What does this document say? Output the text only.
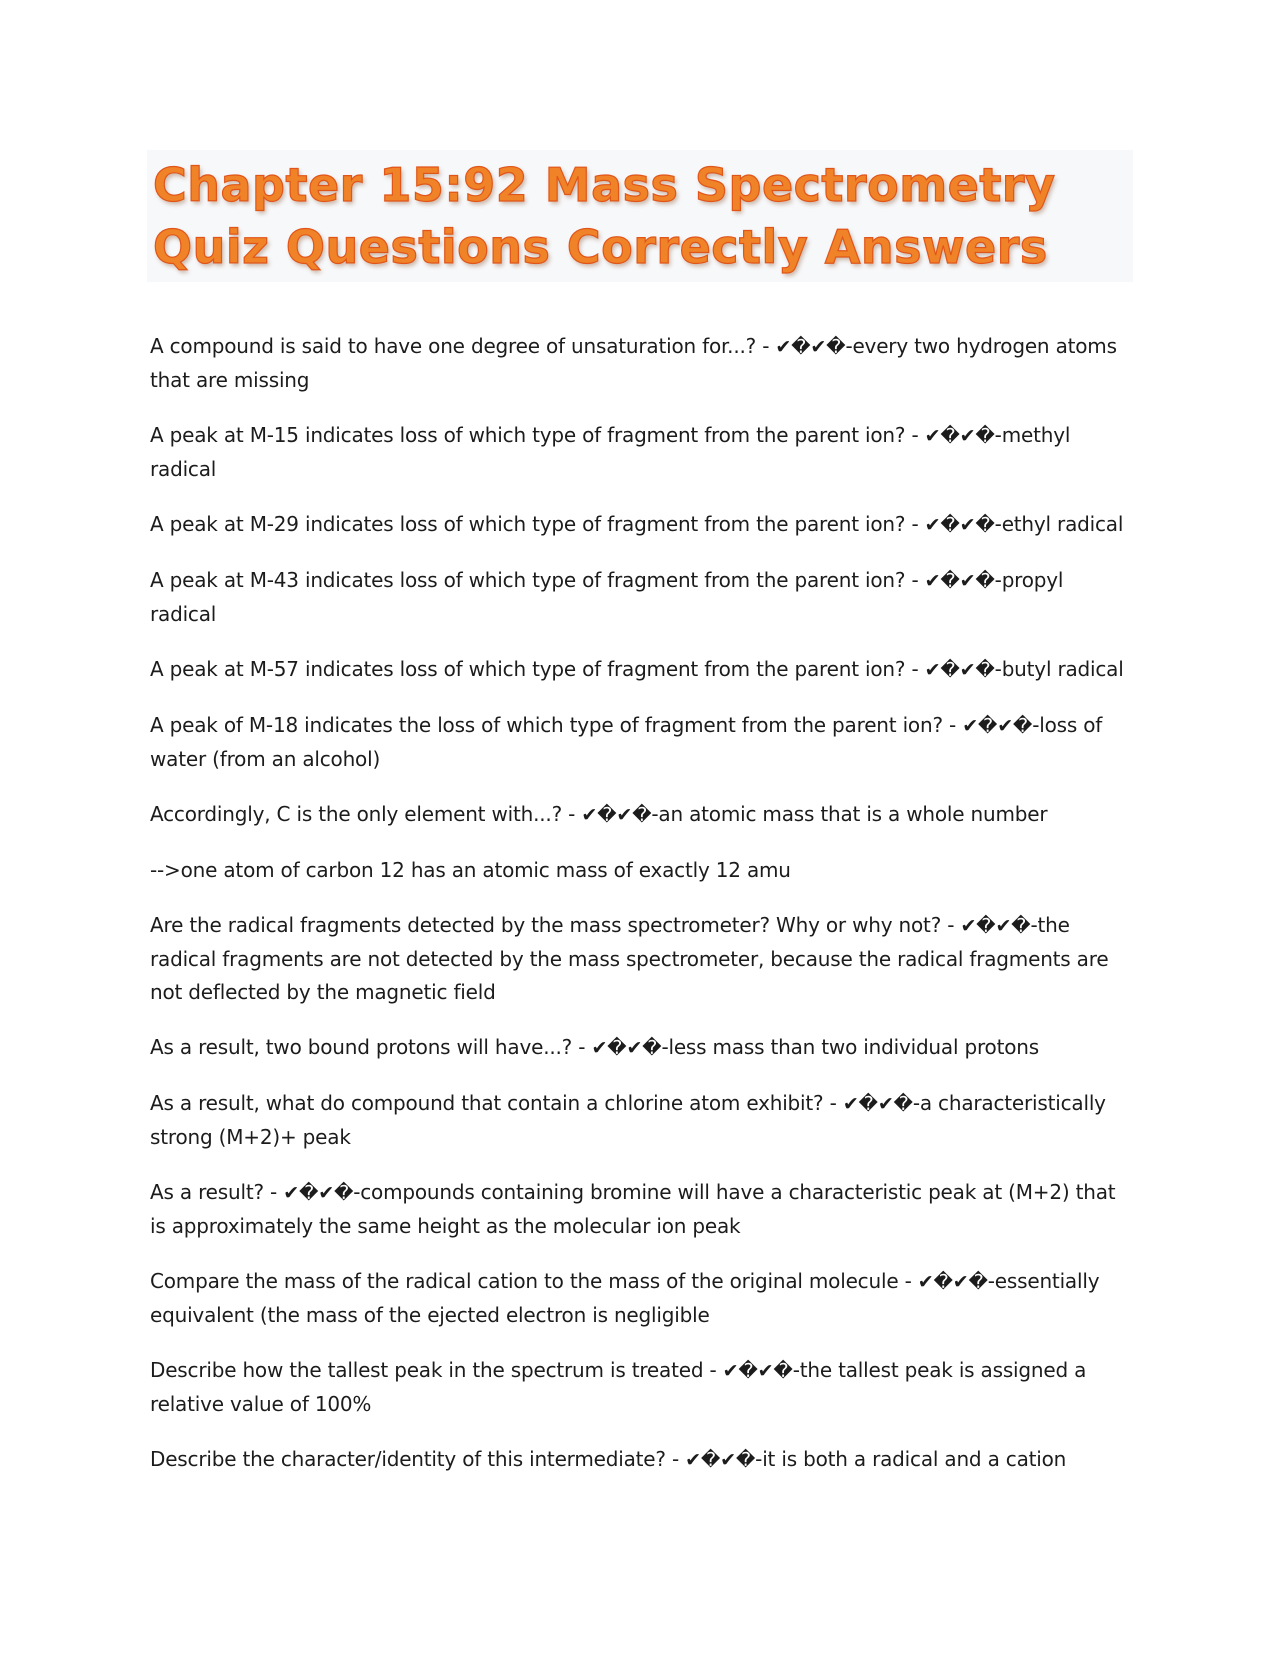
Chapter 15:92 Mass Spectrometry Quiz Questions Correctly Answers

A compound is said to have one degree of unsaturation for...? - ✔�✔�-every two hydrogen atoms that are missing

A peak at M-15 indicates loss of which type of fragment from the parent ion? - ✔�✔�-methyl radical

A peak at M-29 indicates loss of which type of fragment from the parent ion? - ✔�✔�-ethyl radical

A peak at M-43 indicates loss of which type of fragment from the parent ion? - ✔�✔�-propyl radical

A peak at M-57 indicates loss of which type of fragment from the parent ion? - ✔�✔�-butyl radical

A peak of M-18 indicates the loss of which type of fragment from the parent ion? - ✔�✔�-loss of water (from an alcohol)

Accordingly, C is the only element with...? - ✔�✔�-an atomic mass that is a whole number

-->one atom of carbon 12 has an atomic mass of exactly 12 amu

Are the radical fragments detected by the mass spectrometer? Why or why not? - ✔�✔�-the radical fragments are not detected by the mass spectrometer, because the radical fragments are not deflected by the magnetic field

As a result, two bound protons will have...? - ✔�✔�-less mass than two individual protons

As a result, what do compound that contain a chlorine atom exhibit? - ✔�✔�-a characteristically strong (M+2)+ peak

As a result? - ✔�✔�-compounds containing bromine will have a characteristic peak at (M+2) that is approximately the same height as the molecular ion peak

Compare the mass of the radical cation to the mass of the original molecule - ✔�✔�-essentially equivalent (the mass of the ejected electron is negligible

Describe how the tallest peak in the spectrum is treated - ✔�✔�-the tallest peak is assigned a relative value of 100%

Describe the character/identity of this intermediate? - ✔�✔�-it is both a radical and a cation
